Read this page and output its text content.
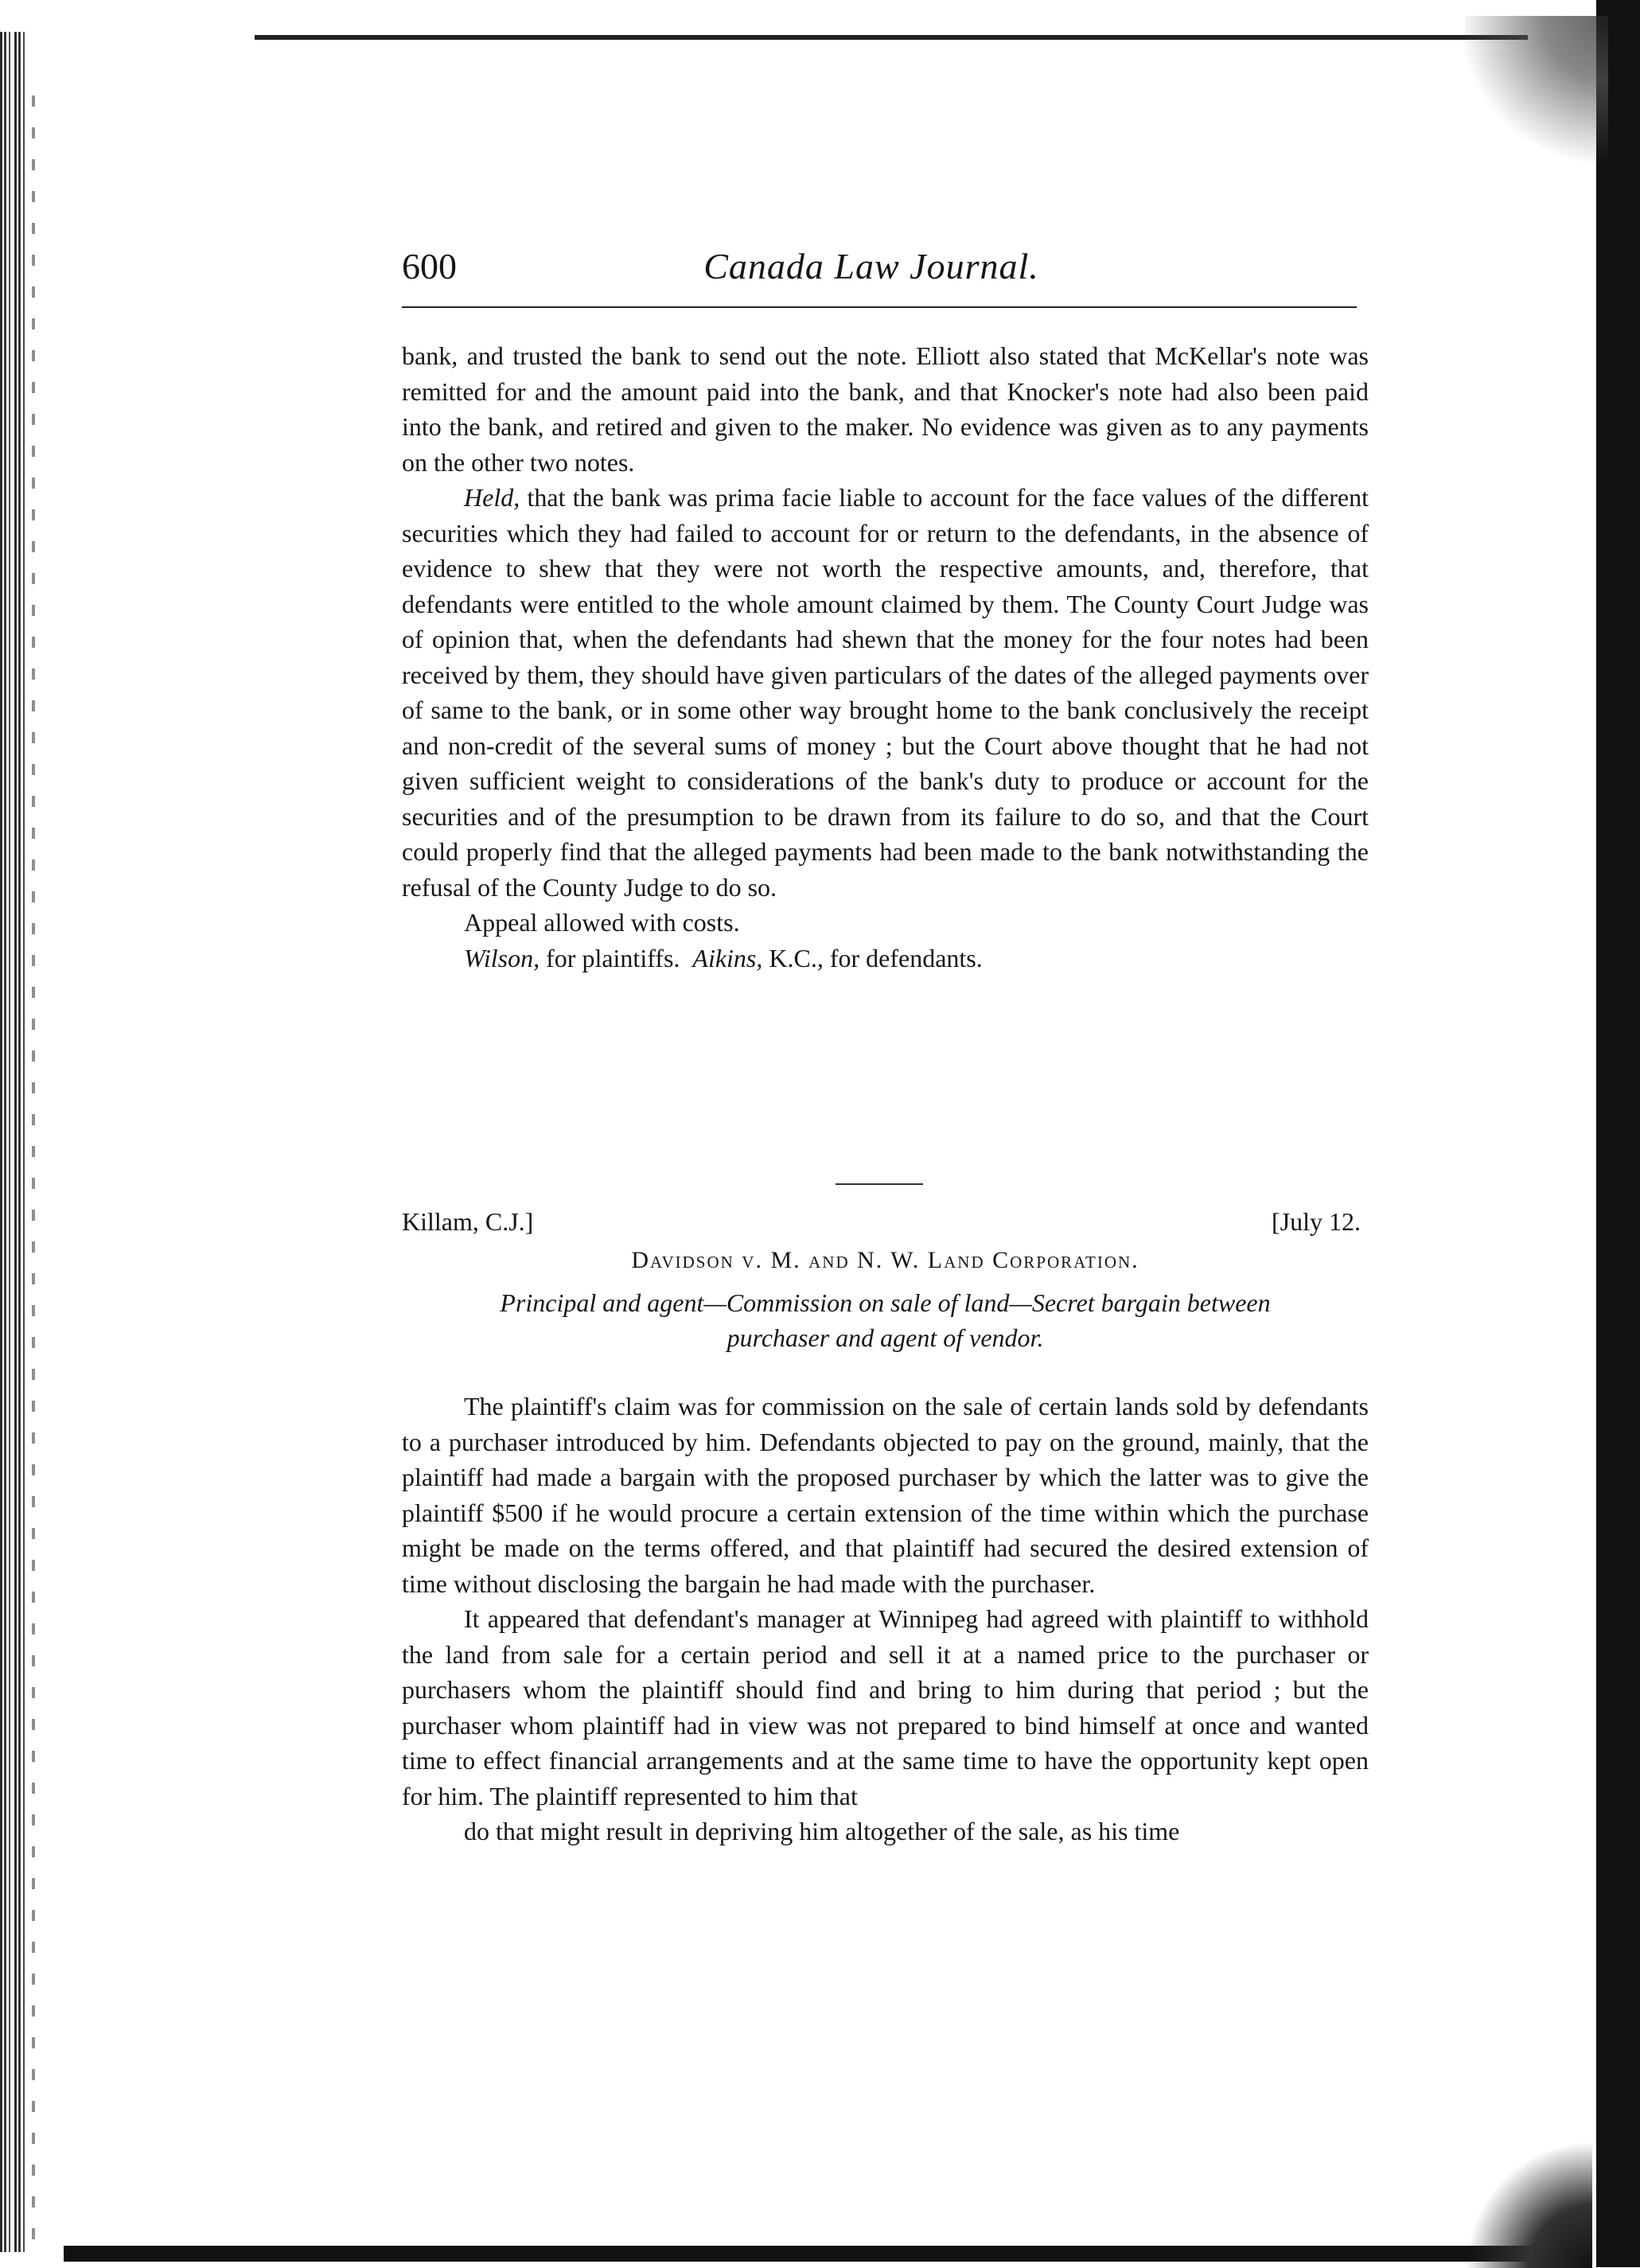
600	Canada Law Journal.

bank, and trusted the bank to send out the note. Elliott also stated that McKellar's note was remitted for and the amount paid into the bank, and that Knocker's note had also been paid into the bank, and retired and given to the maker. No evidence was given as to any payments on the other two notes.

Held, that the bank was prima facie liable to account for the face values of the different securities which they had failed to account for or return to the defendants, in the absence of evidence to shew that they were not worth the respective amounts, and, therefore, that defendants were entitled to the whole amount claimed by them. The County Court Judge was of opinion that, when the defendants had shewn that the money for the four notes had been received by them, they should have given particulars of the dates of the alleged payments over of same to the bank, or in some other way brought home to the bank conclusively the receipt and non-credit of the several sums of money ; but the Court above thought that he had not given sufficient weight to considerations of the bank's duty to produce or account for the securities and of the presumption to be drawn from its failure to do so, and that the Court could properly find that the alleged payments had been made to the bank notwithstanding the refusal of the County Judge to do so.

Appeal allowed with costs.

Wilson, for plaintiffs. Aikins, K.C., for defendants.

Killam, C.J.]	[July 12.
Davidson v. M. and N. W. Land Corporation.
Principal and agent—Commission on sale of land—Secret bargain between
purchaser and agent of vendor.

The plaintiff's claim was for commission on the sale of certain lands sold by defendants to a purchaser introduced by him. Defendants objected to pay on the ground, mainly, that the plaintiff had made a bargain with the proposed purchaser by which the latter was to give the plaintiff $500 if he would procure a certain extension of the time within which the purchase might be made on the terms offered, and that plaintiff had secured the desired extension of time without disclosing the bargain he had made with the purchaser.

It appeared that defendant's manager at Winnipeg had agreed with plaintiff to withhold the land from sale for a certain period and sell it at a named price to the purchaser or purchasers whom the plaintiff should find and bring to him during that period ; but the purchaser whom plaintiff had in view was not prepared to bind himself at once and wanted time to effect financial arrangements and at the same time to have the opportunity kept open for him. The plaintiff represented to him that

do that might result in depriving him altogether of the sale, as his time
